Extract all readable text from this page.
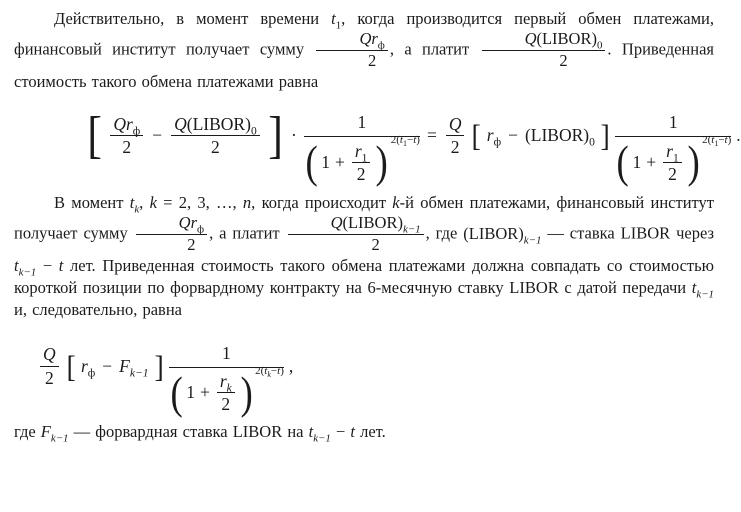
Действительно, в момент времени $t_1$, когда производится первый обмен платежами, финансовый институт получает сумму $\frac{Qr_ф}{2}$ , а платит $\frac{Q(LIBOR)_0}{2}$ . Приведенная стоимость такого обмена платежами равна

[ $\frac{Qr_ф}{2} - \frac{Q(LIBOR)_0}{2}$ ] · $\frac{1}{( 1 + \frac{r_1}{2} ) 2(t_1-t)} = \frac{Q}{2}$ [ $r_ф$ − $(LIBOR)_0$ ] $\frac{1}{( 1 + \frac{r_1}{2} ) 2(t_1-t)}$ .

В момент $t_k$, k = 2, 3, …, n, когда происходит k-й обмен платежами, финансовый институт получает сумму $\frac{Qr_ф}{2}$ , а платит $\frac{Q(LIBOR)_{k-1}}{2}$ , где $(LIBOR)_{k-1}$ — ставка LIBOR через $t_{k-1} - t$ лет. Приведенная стоимость такого обмена платежами должна совпадать со стоимостью короткой позиции по форвардному контракту на 6-месячную ставку LIBOR с датой передачи $t_{k-1}$ и, следовательно, равна

$\frac{Q}{2}$ [ $r_ф - F_{k-1}$ ] $\frac{1}{( 1 + \frac{r_k}{2} ) 2(t_k-t)}$ ,

где $F_{k-1}$ — форвардная ставка LIBOR на $t_{k-1} - t$ лет.
